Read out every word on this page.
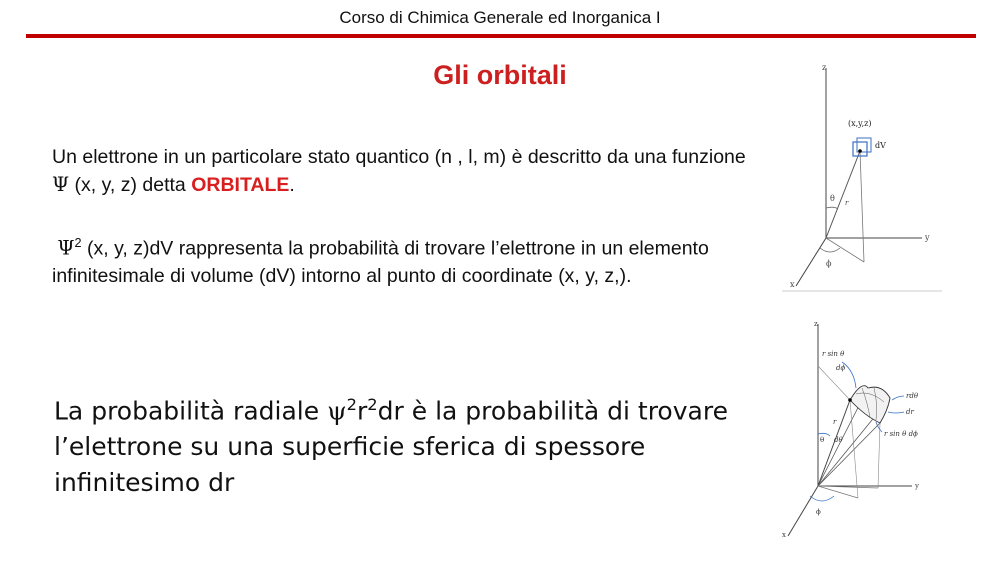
Corso di Chimica Generale ed Inorganica I
Gli orbitali
Un elettrone in un particolare stato quantico (n , l, m) è descritto da una funzione Ψ (x, y, z) detta ORBITALE.
$\Psi^2$ (x, y, z)dV rappresenta la probabilità di trovare l’elettrone in un elemento infinitesimale di volume (dV) intorno al punto di coordinate (x, y, z,).
La probabilità radiale $\psi^2r^2dr$ è la probabilità di trovare l’elettrone su una superficie sferica di spessore infinitesimo dr
z
y
x
(x,y,z)
dV
θ r
ϕ
z
y
x
r sin θ
dϕ
rdθ
dr
r sin θ dϕ
r
θ dθ
ϕ
